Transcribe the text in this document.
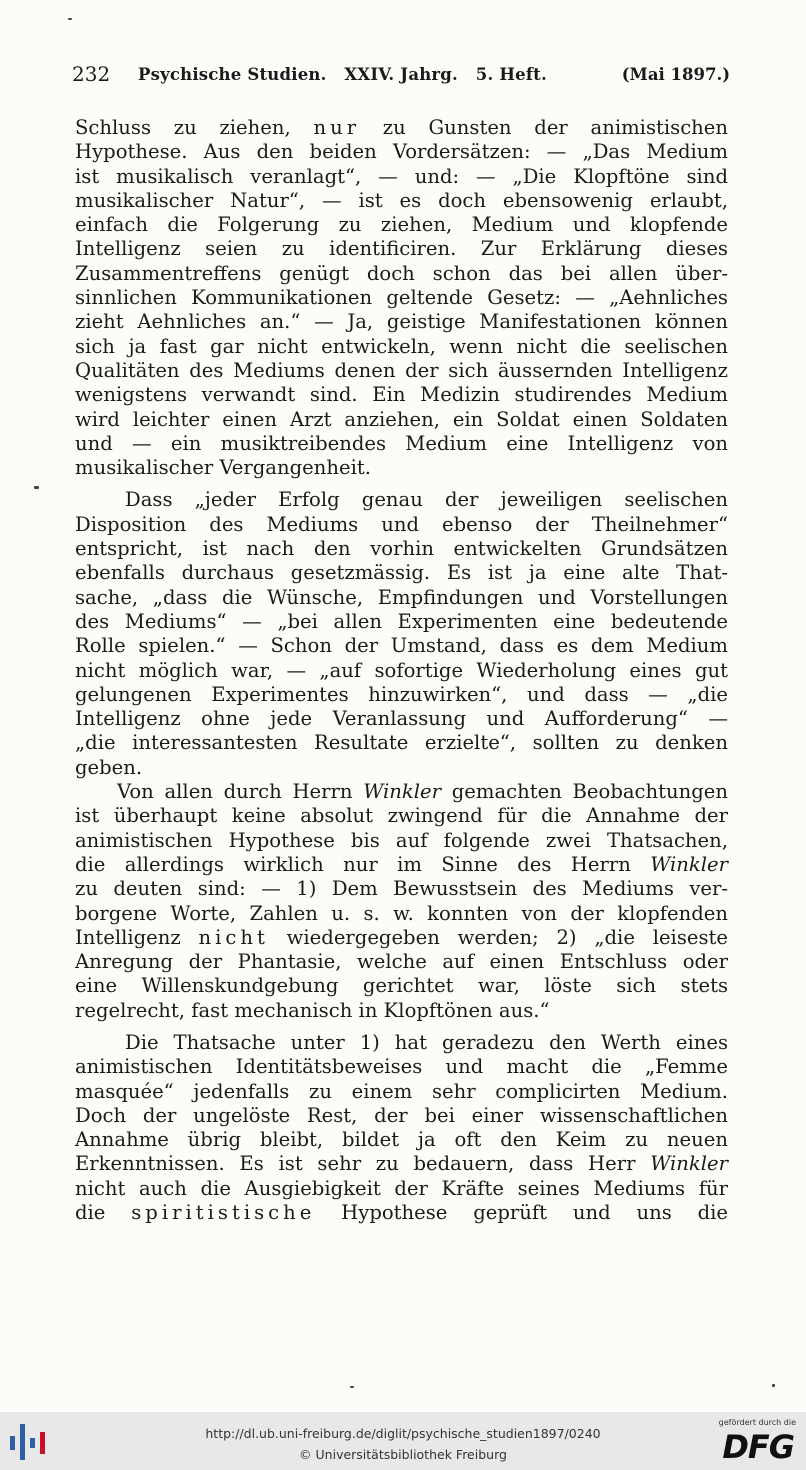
232 Psychische Studien.   XXIV. Jahrg.   5. Heft.	(Mai 1897.)
Schluss zu ziehen, nur zu Gunsten der animistischen
Hypothese. Aus den beiden Vordersätzen: — „Das Medium
ist musikalisch veranlagt“, — und: — „Die Klopftöne sind
musikalischer Natur“, — ist es doch ebensowenig erlaubt,
einfach die Folgerung zu ziehen, Medium und klopfende
Intelligenz seien zu identificiren. Zur Erklärung dieses
Zusammentreffens genügt doch schon das bei allen über-
sinnlichen Kommunikationen geltende Gesetz: — „Aehnliches
zieht Aehnliches an.“ — Ja, geistige Manifestationen können
sich ja fast gar nicht entwickeln, wenn nicht die seelischen
Qualitäten des Mediums denen der sich äussernden Intelligenz
wenigstens verwandt sind. Ein Medizin studirendes Medium
wird leichter einen Arzt anziehen, ein Soldat einen Soldaten
und — ein musiktreibendes Medium eine Intelligenz von
musikalischer Vergangenheit.
Dass „jeder Erfolg genau der jeweiligen seelischen
Disposition des Mediums und ebenso der Theilnehmer“
entspricht, ist nach den vorhin entwickelten Grundsätzen
ebenfalls durchaus gesetzmässig. Es ist ja eine alte That-
sache, „dass die Wünsche, Empfindungen und Vorstellungen
des Mediums“ — „bei allen Experimenten eine bedeutende
Rolle spielen.“ — Schon der Umstand, dass es dem Medium
nicht möglich war, — „auf sofortige Wiederholung eines gut
gelungenen Experimentes hinzuwirken“, und dass — „die
Intelligenz ohne jede Veranlassung und Aufforderung“ —
„die interessantesten Resultate erzielte“, sollten zu denken
geben.
Von allen durch Herrn Winkler gemachten Beobachtungen
ist überhaupt keine absolut zwingend für die Annahme der
animistischen Hypothese bis auf folgende zwei Thatsachen,
die allerdings wirklich nur im Sinne des Herrn Winkler
zu deuten sind: — 1) Dem Bewusstsein des Mediums ver-
borgene Worte, Zahlen u. s. w. konnten von der klopfenden
Intelligenz nicht wiedergegeben werden; 2) „die leiseste
Anregung der Phantasie, welche auf einen Entschluss oder
eine Willenskundgebung gerichtet war, löste sich stets
regelrecht, fast mechanisch in Klopftönen aus.“
Die Thatsache unter 1) hat geradezu den Werth eines
animistischen Identitätsbeweises und macht die „Femme
masquée“ jedenfalls zu einem sehr complicirten Medium.
Doch der ungelöste Rest, der bei einer wissenschaftlichen
Annahme übrig bleibt, bildet ja oft den Keim zu neuen
Erkenntnissen. Es ist sehr zu bedauern, dass Herr Winkler
nicht auch die Ausgiebigkeit der Kräfte seines Mediums für
die spiritistische Hypothese geprüft und uns die
http://dl.ub.uni-freiburg.de/diglit/psychische_studien1897/0240
© Universitätsbibliothek Freiburg
gefördert durch die
DFG
